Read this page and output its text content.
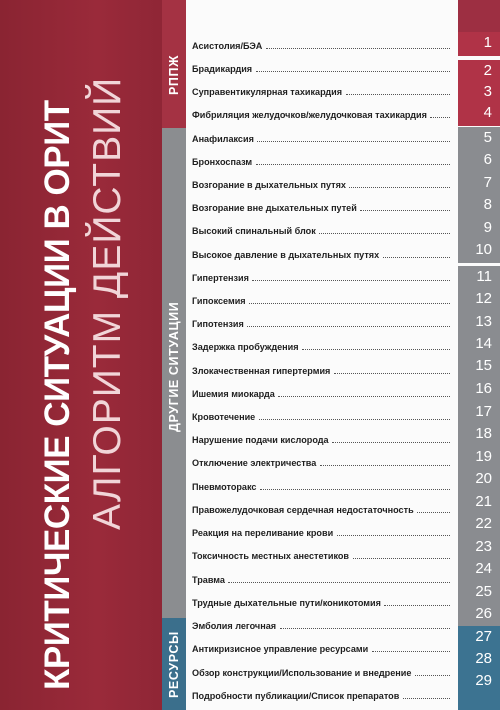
КРИТИЧЕСКИЕ СИТУАЦИИ В ОРИТ АЛГОРИТМ ДЕЙСТВИЙ
РППЖ
ДРУГИЕ СИТУАЦИИ
РЕСУРСЫ
Асистолия/БЭА
Брадикардия
Суправентикулярная тахикардия
Фибриляция желудочков/желудочковая тахикардия
Анафилаксия
Бронхоспазм
Возгорание в дыхательных путях
Возгорание вне дыхательных путей
Высокий спинальный блок
Высокое давление в дыхательных путях
Гипертензия
Гипоксемия
Гипотензия
Задержка пробуждения
Злокачественная гипертермия
Ишемия миокарда
Кровотечение
Нарушение подачи кислорода
Отключение электричества
Пневмоторакс
Правожелудочковая сердечная недостаточность
Реакция на переливание крови
Токсичность местных анестетиков
Травма
Трудные дыхательные пути/коникотомия
Эмболия легочная
Антикризисное управление ресурсами
Обзор конструкции/Использование и внедрение
Подробности публикации/Список препаратов
1
2
3
4
5
6
7
8
9
10
11
12
13
14
15
16
17
18
19
20
21
22
23
24
25
26
27
28
29
